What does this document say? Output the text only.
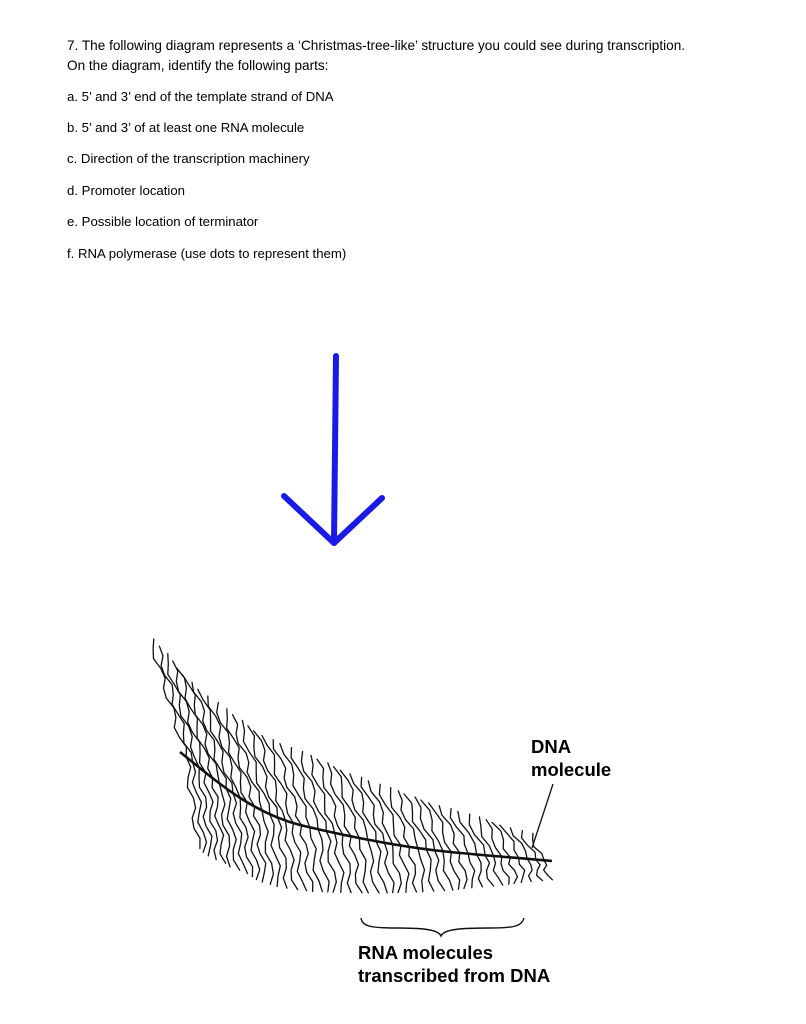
7. The following diagram represents a ‘Christmas-tree-like’ structure you could see during transcription.
On the diagram, identify the following parts:
a. 5’ and 3’ end of the template strand of DNA
b. 5’ and 3’ of at least one RNA molecule
c. Direction of the transcription machinery
d. Promoter location
e. Possible location of terminator
f. RNA polymerase (use dots to represent them)
DNA
molecule
RNA molecules
transcribed from DNA
